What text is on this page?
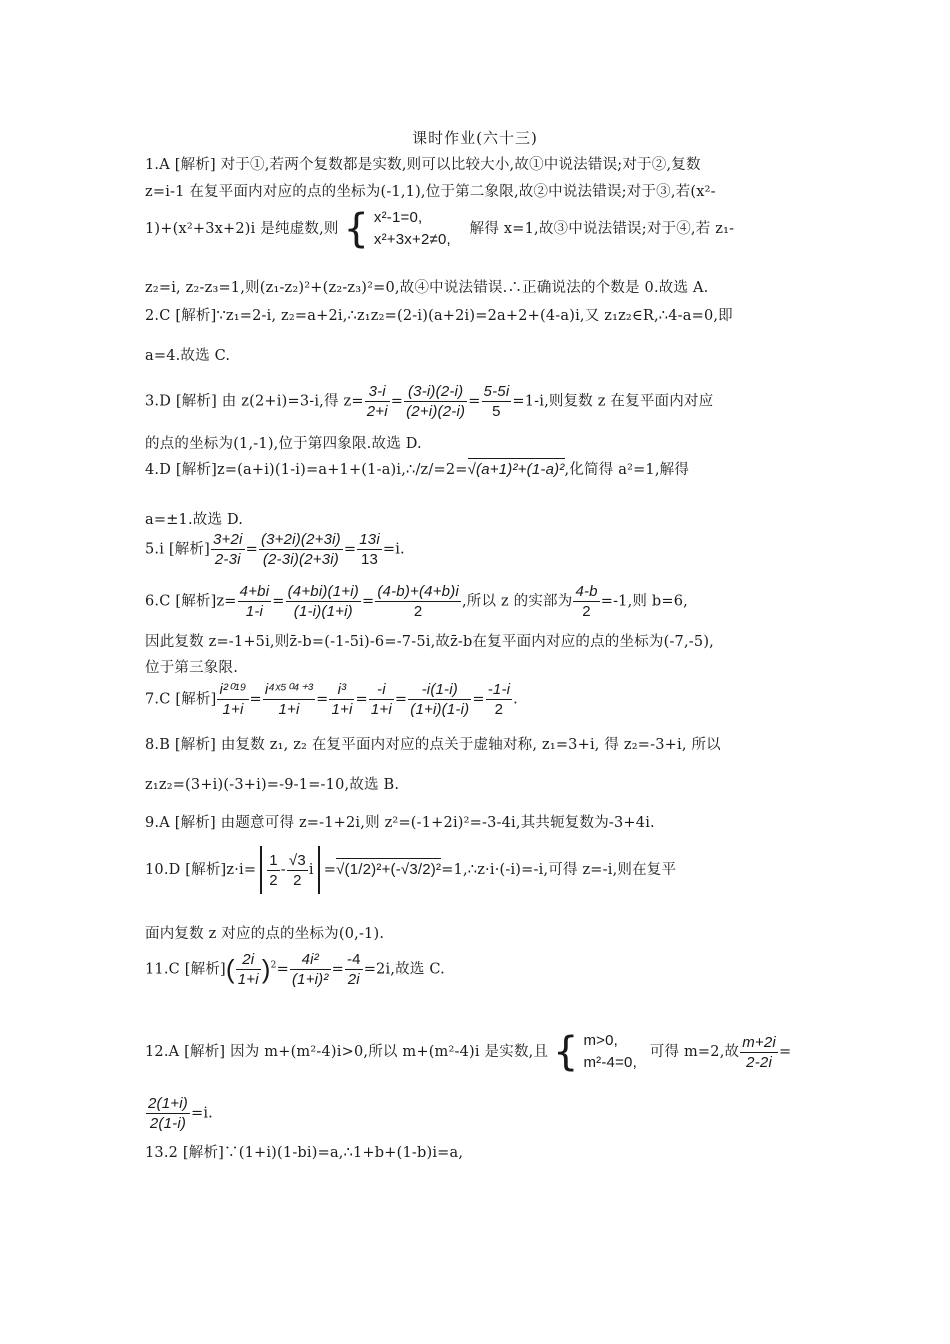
课时作业(六十三)
1.A [解析] 对于①,若两个复数都是实数,则可以比较大小,故①中说法错误;对于②,复数
z=i-1 在复平面内对应的点的坐标为(-1,1),位于第二象限,故②中说法错误;对于③,若(x²-
1)+(x²+3x+2)i 是纯虚数,则 { x²-1=0,
x²+3x+2≠0,
解得 x=1,故③中说法错误;对于④,若 z₁-
z₂=i, z₂-z₃=1,则(z₁-z₂)²+(z₂-z₃)²=0,故④中说法错误.∴正确说法的个数是 0.故选 A.
2.C [解析]∵z₁=2-i, z₂=a+2i,∴z₁z₂=(2-i)(a+2i)=2a+2+(4-a)i,又 z₁z₂∈R,∴4-a=0,即
a=4.故选 C.
3.D [解析] 由 z(2+i)=3-i,得 $z= \frac{3-i}{2+i} = \frac{(3-i)(2-i)}{(2+i)(2-i)} = \frac{5-5i}{5} =1-i$,则复数 z 在复平面内对应
的点的坐标为(1,-1),位于第四象限.故选 D.
4.D [解析]z=(a+i)(1-i)=a+1+(1-a)i,∴/z/=2=√(a+1)²+(1-a)²,化简得 a²=1,解得
a=±1.故选 D.
5.i [解析] $\frac{3+2i}{2-3i} = \frac{(3+2i)(2+3i)}{(2-3i)(2+3i)} = \frac{13i}{13} =i$.
6.C [解析]$z= \frac{4+bi}{1-i} = \frac{(4+bi)(1+i)}{(1-i)(1+i)} = \frac{(4-b)+(4+b)i}{2}$ ,所以 z 的实部为 $\frac{4-b}{2} =-1$,则 b=6,
因此复数 z=-1+5i,则z̄-b=(-1-5i)-6=-7-5i,故z̄-b在复平面内对应的点的坐标为(-7,-5),
位于第三象限.
7.C [解析] $\frac{\text{i²⁰¹⁹}}{1+i} = \frac{\text{i⁴ˣ⁵⁰⁴⁺³}}{1+i} = \frac{\text{i³}}{1+i} = \frac{-i}{1+i} = \frac{-i(1-i)}{(1+i)(1-i)} = \frac{-1-i}{2}$ .
8.B [解析] 由复数 z₁, z₂ 在复平面内对应的点关于虚轴对称, z₁=3+i, 得 z₂=-3+i, 所以
z₁z₂=(3+i)(-3+i)=-9-1=-10,故选 B.
9.A [解析] 由题意可得 z=-1+2i,则 z²=(-1+2i)²=-3-4i,其共轭复数为-3+4i.
10.D [解析]$z\cdot i= \frac{1}{2} - \frac{√3}{2}$ i =√(1/2)²+(-√3/2)²=1,∴z·i·(-i)=-i,可得 z=-i,则在复平
面内复数 z 对应的点的坐标为(0,-1).
11.C [解析]( $\frac{2i}{1+i} )^2= \frac{\text{4i²}}{\text{(1+i)²}} = \frac{-4}{2i} =2i$,故选 C.
12.A [解析] 因为 m+(m²-4)i>0,所以 m+(m²-4)i 是实数,且 { m>0,
m²-4=0,
可得 m=2,故 $\frac{m+2i}{2-2i}$ =
$\frac{2(1+i)}{2(1-i)} =i$.
13.2 [解析]∵(1+i)(1-bi)=a,∴1+b+(1-b)i=a,
